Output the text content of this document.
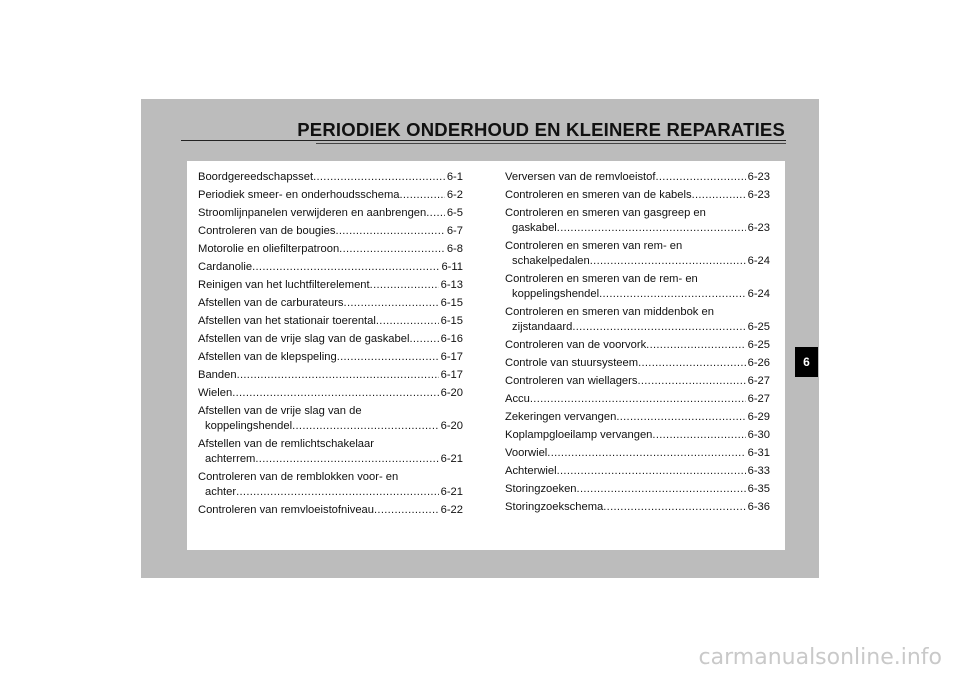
PERIODIEK ONDERHOUD EN KLEINERE REPARATIES
Boordgereedschapsset .....	6-1
Periodiek smeer- en onderhoudsschema .....	6-2
Stroomlijnpanelen verwijderen en aanbrengen ..... 6-5
Controleren van de bougies .....	6-7
Motorolie en oliefilterpatroon .....	6-8
Cardanolie .....	6-11
Reinigen van het luchtfilterelement .....	6-13
Afstellen van de carburateurs .....	6-15
Afstellen van het stationair toerental .....	6-15
Afstellen van de vrije slag van de gaskabel .....	6-16
Afstellen van de klepspeling .....	6-17
Banden .....	6-17
Wielen .....	6-20
Afstellen van de vrije slag van de
koppelingshendel .....	6-20
Afstellen van de remlichtschakelaar
achterrem .....	6-21
Controleren van de remblokken voor- en
achter .....	6-21
Controleren van remvloeistofniveau .....	6-22
Verversen van de remvloeistof .....	6-23
Controleren en smeren van de kabels .....	6-23
Controleren en smeren van gasgreep en
gaskabel .....	6-23
Controleren en smeren van rem- en
schakelpedalen .....	6-24
Controleren en smeren van de rem- en
koppelingshendel .....	6-24
Controleren en smeren van middenbok en
zijstandaard .....	6-25
Controleren van de voorvork .....	6-25
Controle van stuursysteem .....	6-26
Controleren van wiellagers .....	6-27
Accu .....	6-27
Zekeringen vervangen .....	6-29
Koplampgloeilamp vervangen .....	6-30
Voorwiel .....	6-31
Achterwiel .....	6-33
Storingzoeken .....	6-35
Storingzoekschema .....	6-36
6
carmanualsonline.info
